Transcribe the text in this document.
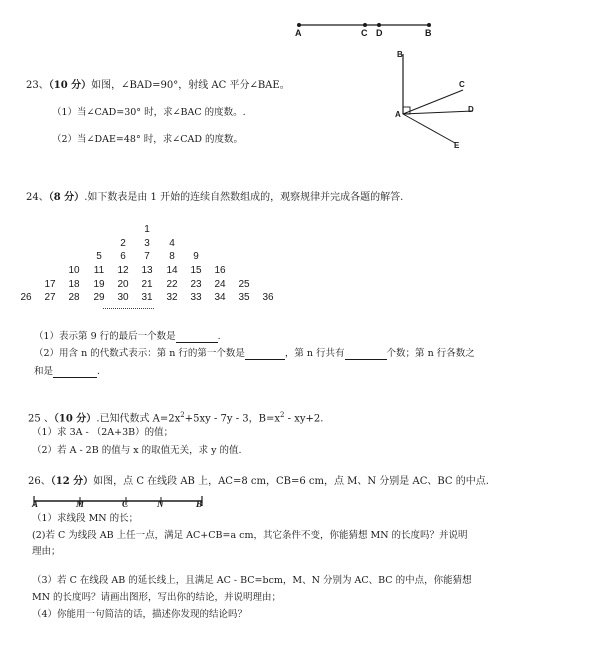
A	C D	B
23、（10 分）如图，∠BAD=90°，射线 AC 平分∠BAE。
（1）当∠CAD=30° 时，求∠BAC 的度数。.
（2）当∠DAE=48° 时，求∠CAD 的度数。
B
A
C
D
E
24、（8 分）.如下数表是由 1 开始的连续自然数组成的，观察规律并完成各题的解答.
1
2	3	4
5	6	7	8	9
10	11	12	13	14	15	16
17	18	19	20	21	22	23	24	25
26	27	28	29	30	31	32	33	34	35	36
··························
（1）表示第 9 行的最后一个数是	.
（2）用含 n 的代数式表示：第 n 行的第一个数是	，第 n 行共有	个数；第 n 行各数之
和是	.
25 、（10 分）.已知代数式 $A=2x^2+5xy - 7y - 3$，$B=x^2 - xy+2$.
（1）求 3A - （2A+3B）的值；
（2）若 A - 2B 的值与 x 的取值无关，求 y 的值.
26、（12 分）如图，点 C 在线段 AB 上，AC=8 cm，CB=6 cm，点 M、N 分别是 AC、BC 的中点.
A	M	C	N	B
（1）求线段 MN 的长；
(2)若 C 为线段 AB 上任一点，满足 AC+CB=a cm，其它条件不变，你能猜想 MN 的长度吗？并说明
理由；
（3）若 C 在线段 AB 的延长线上，且满足 AC - BC=bcm，M、N 分别为 AC、BC 的中点，你能猜想
MN 的长度吗？请画出图形，写出你的结论，并说明理由；
（4）你能用一句简洁的话，描述你发现的结论吗？
